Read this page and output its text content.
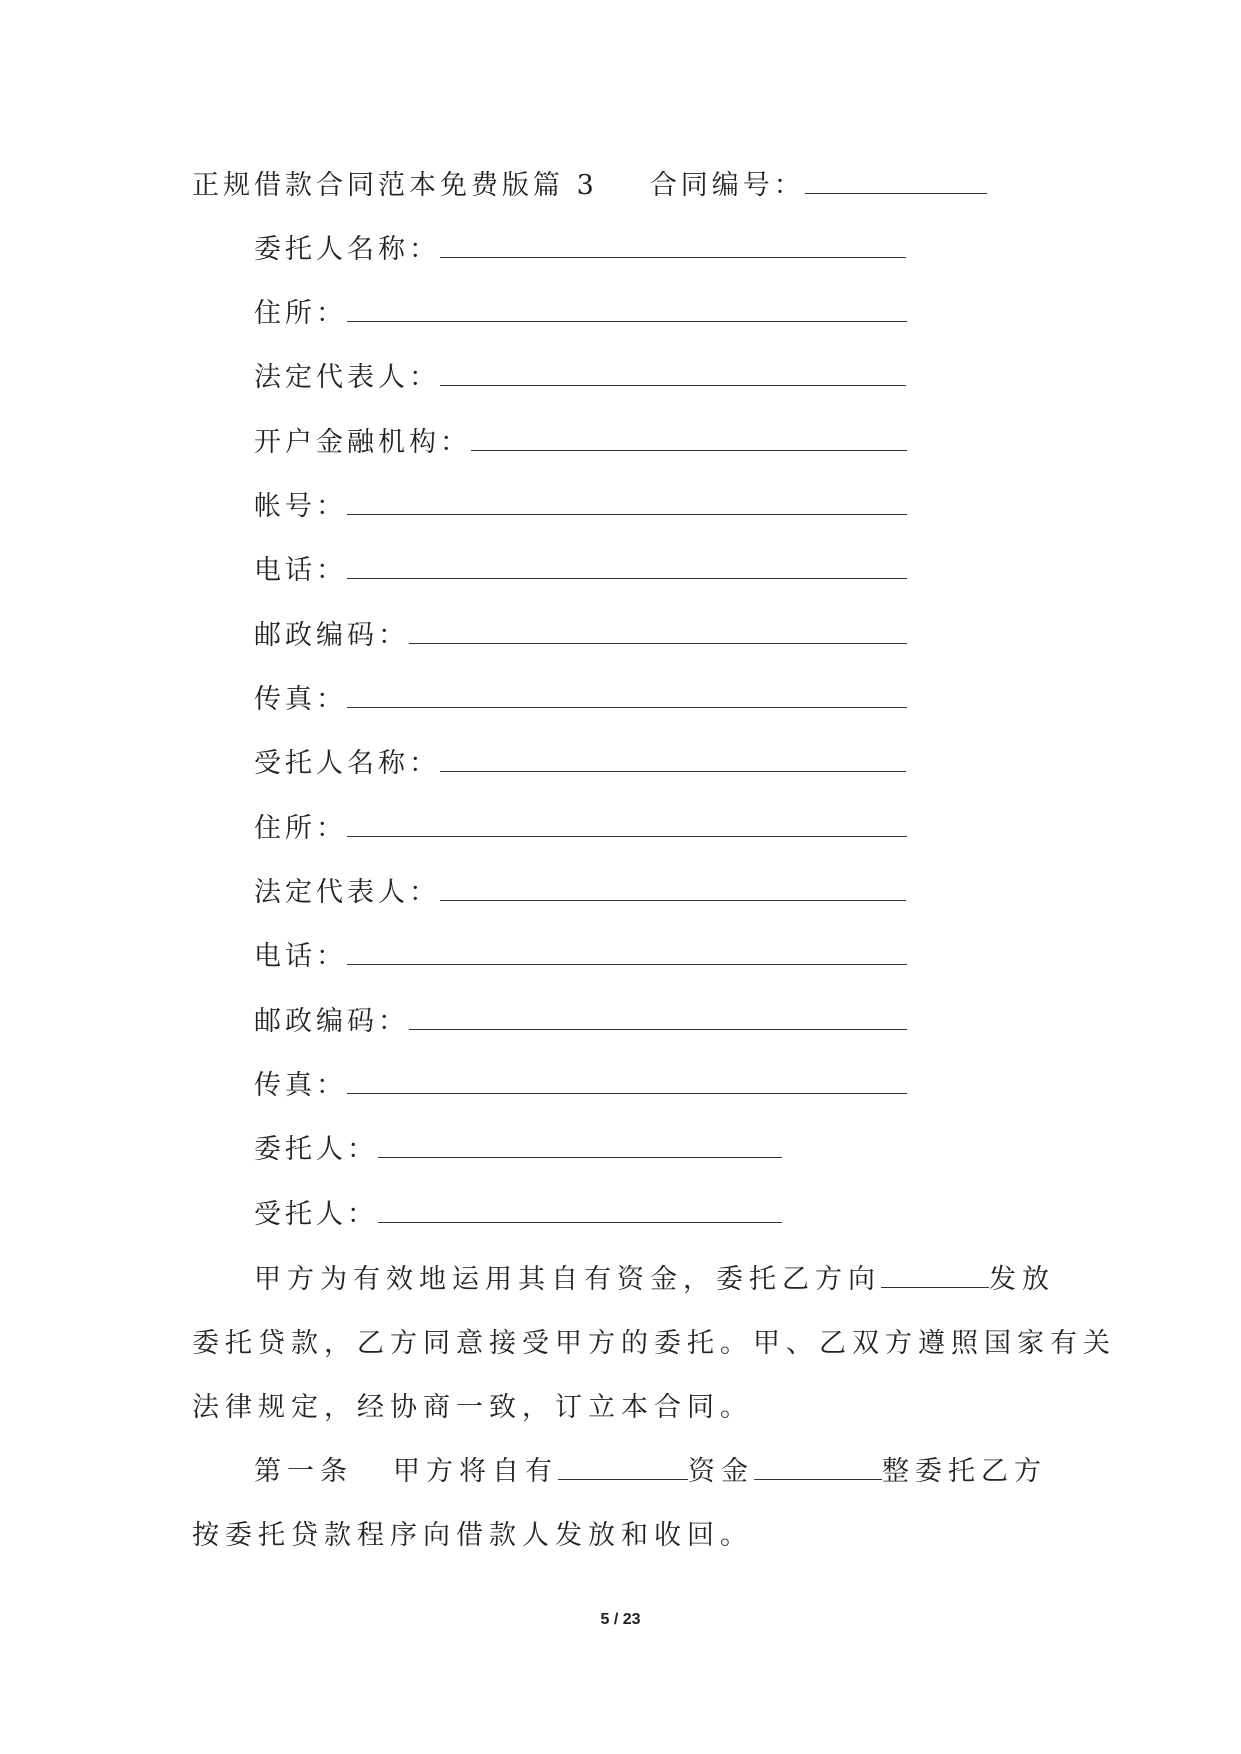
正规借款合同范本免费版篇 3 合同编号：
委托人名称：
住所：
法定代表人：
开户金融机构：
帐号：
电话：
邮政编码：
传真：
受托人名称：
住所：
法定代表人：
电话：
邮政编码：
传真：
委托人：
受托人：
甲方为有效地运用其自有资金，委托乙方向	发放
委托贷款，乙方同意接受甲方的委托。甲、乙双方遵照国家有关
法律规定，经协商一致，订立本合同。
第一条 甲方将自有	资金	整委托乙方
按委托贷款程序向借款人发放和收回。
5 / 23
